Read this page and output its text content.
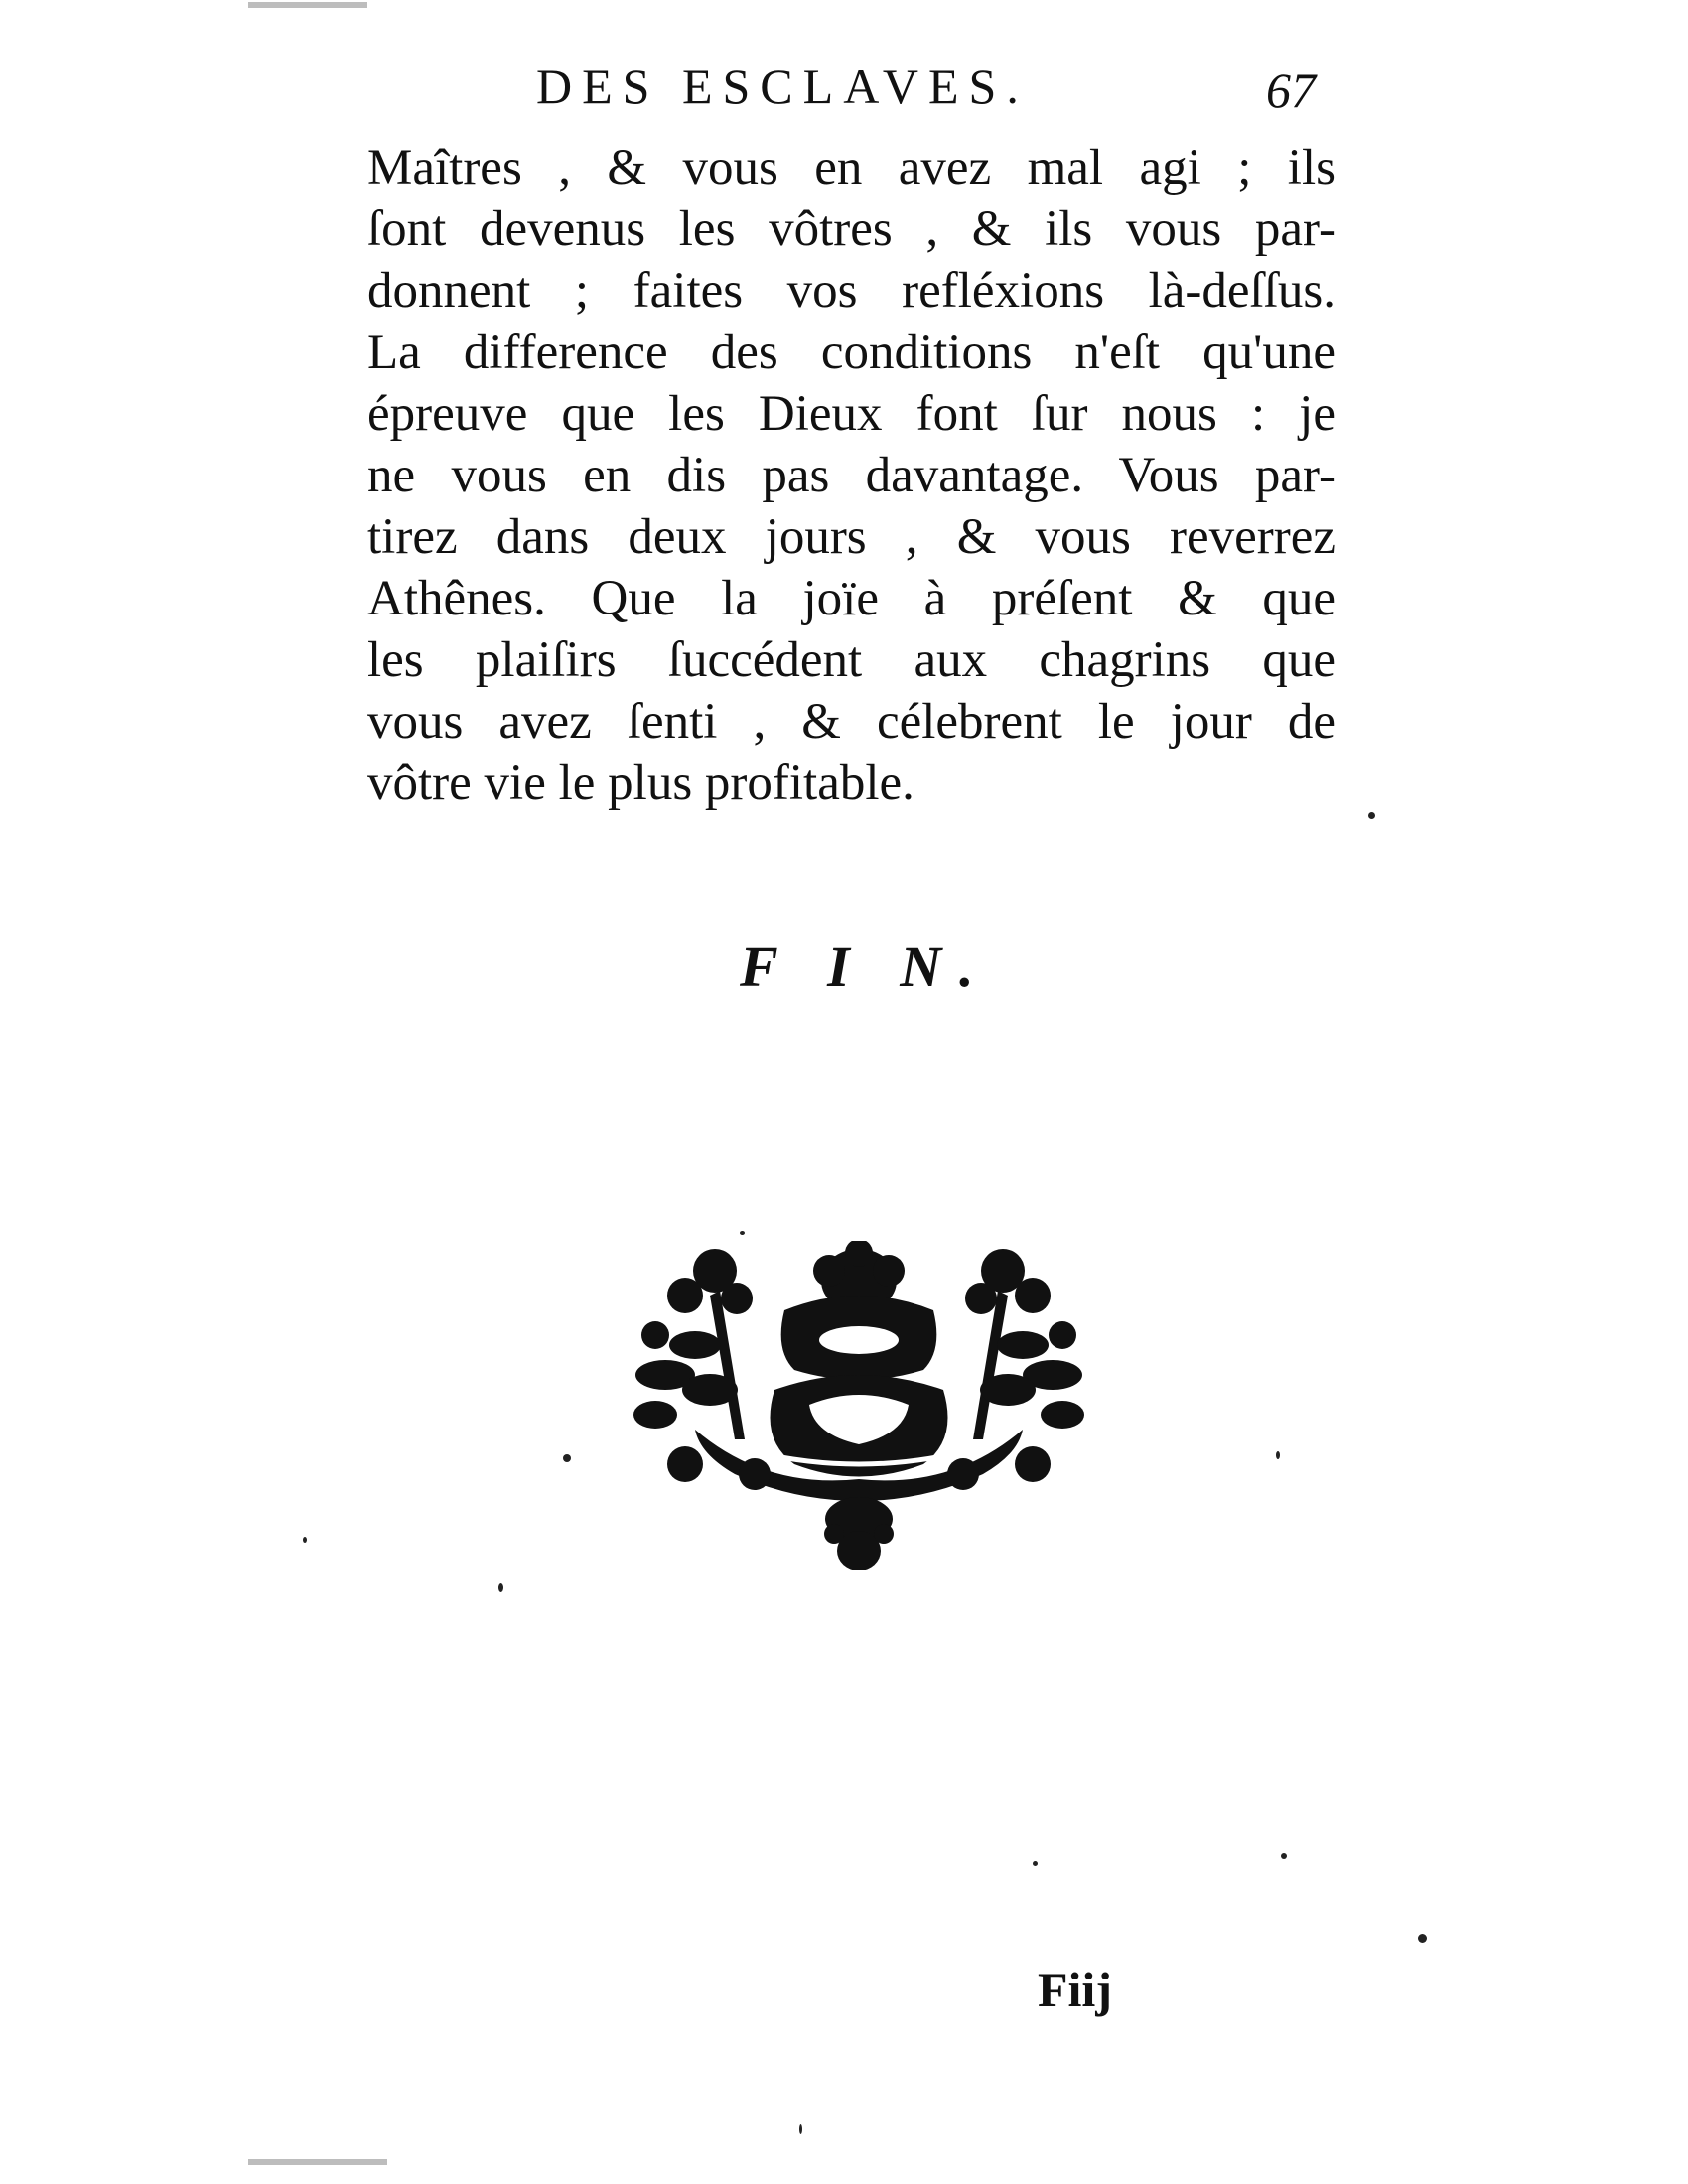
DES ESCLAVES.	67
Maîtres , & vous en avez mal agi ; ils
ſont devenus les vôtres , & ils vous par-
donnent ; faites vos refléxions là-deſſus.
La difference des conditions n'eſt qu'une
épreuve que les Dieux font ſur nous : je
ne vous en dis pas davantage. Vous par-
tirez dans deux jours , & vous reverrez
Athênes. Que la joïe à préſent & que
les plaiſirs ſuccédent aux chagrins que
vous avez ſenti , & célebrent le jour de
vôtre vie le plus profitable.
F I N.
Fiij
